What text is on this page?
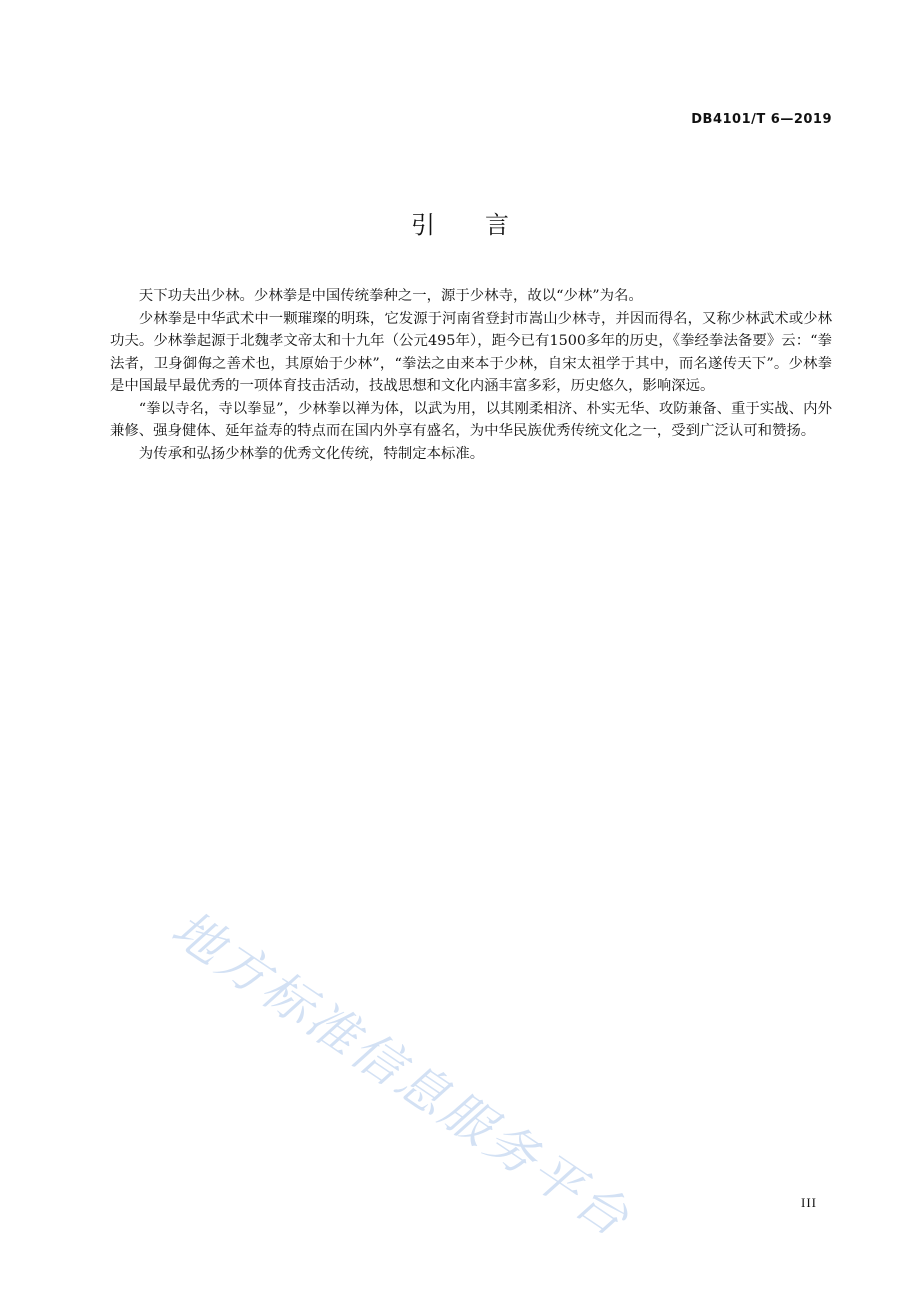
DB4101/T 6—2019
引言

天下功夫出少林。少林拳是中国传统拳种之一，源于少林寺，故以“少林”为名。

少林拳是中华武术中一颗璀璨的明珠，它发源于河南省登封市嵩山少林寺，并因而得名，又称少林武术或少林功夫。少林拳起源于北魏孝文帝太和十九年（公元495年），距今已有1500多年的历史，《拳经拳法备要》云：“拳法者，卫身御侮之善术也，其原始于少林”，“拳法之由来本于少林，自宋太祖学于其中，而名遂传天下”。少林拳是中国最早最优秀的一项体育技击活动，技战思想和文化内涵丰富多彩，历史悠久，影响深远。

“拳以寺名，寺以拳显”，少林拳以禅为体，以武为用，以其刚柔相济、朴实无华、攻防兼备、重于实战、内外兼修、强身健体、延年益寿的特点而在国内外享有盛名，为中华民族优秀传统文化之一，受到广泛认可和赞扬。

为传承和弘扬少林拳的优秀文化传统，特制定本标准。

地方标准信息服务平台	III
